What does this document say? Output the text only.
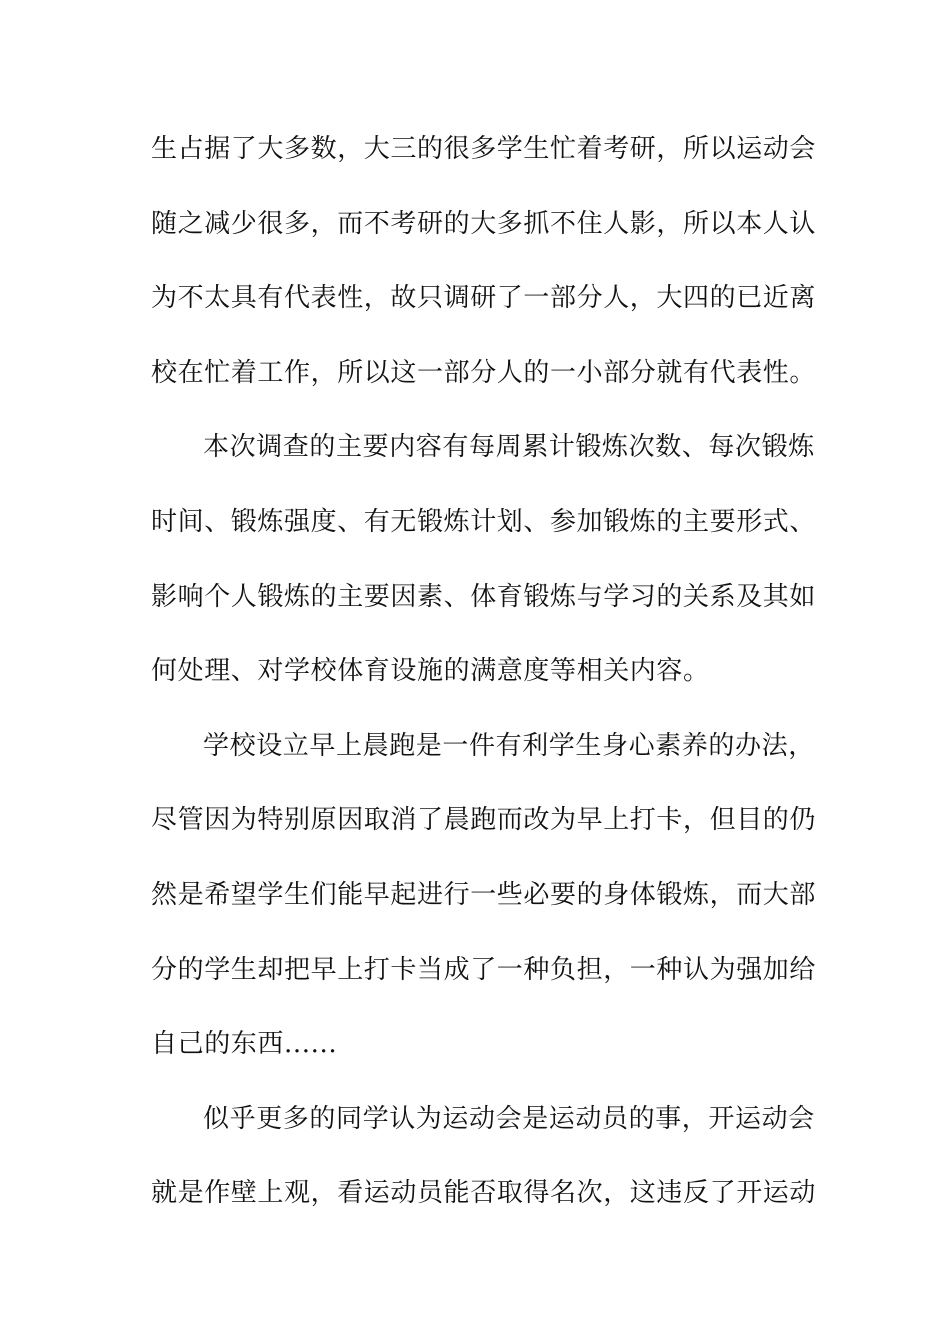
生占据了大多数，大三的很多学生忙着考研，所以运动会
随之减少很多，而不考研的大多抓不住人影，所以本人认
为不太具有代表性，故只调研了一部分人，大四的已近离
校在忙着工作，所以这一部分人的一小部分就有代表性。
本次调查的主要内容有每周累计锻炼次数、每次锻炼
时间、锻炼强度、有无锻炼计划、参加锻炼的主要形式、
影响个人锻炼的主要因素、体育锻炼与学习的关系及其如
何处理、对学校体育设施的满意度等相关内容。
学校设立早上晨跑是一件有利学生身心素养的办法，
尽管因为特别原因取消了晨跑而改为早上打卡，但目的仍
然是希望学生们能早起进行一些必要的身体锻炼，而大部
分的学生却把早上打卡当成了一种负担，一种认为强加给
自己的东西......
似乎更多的同学认为运动会是运动员的事，开运动会
就是作壁上观，看运动员能否取得名次，这违反了开运动
